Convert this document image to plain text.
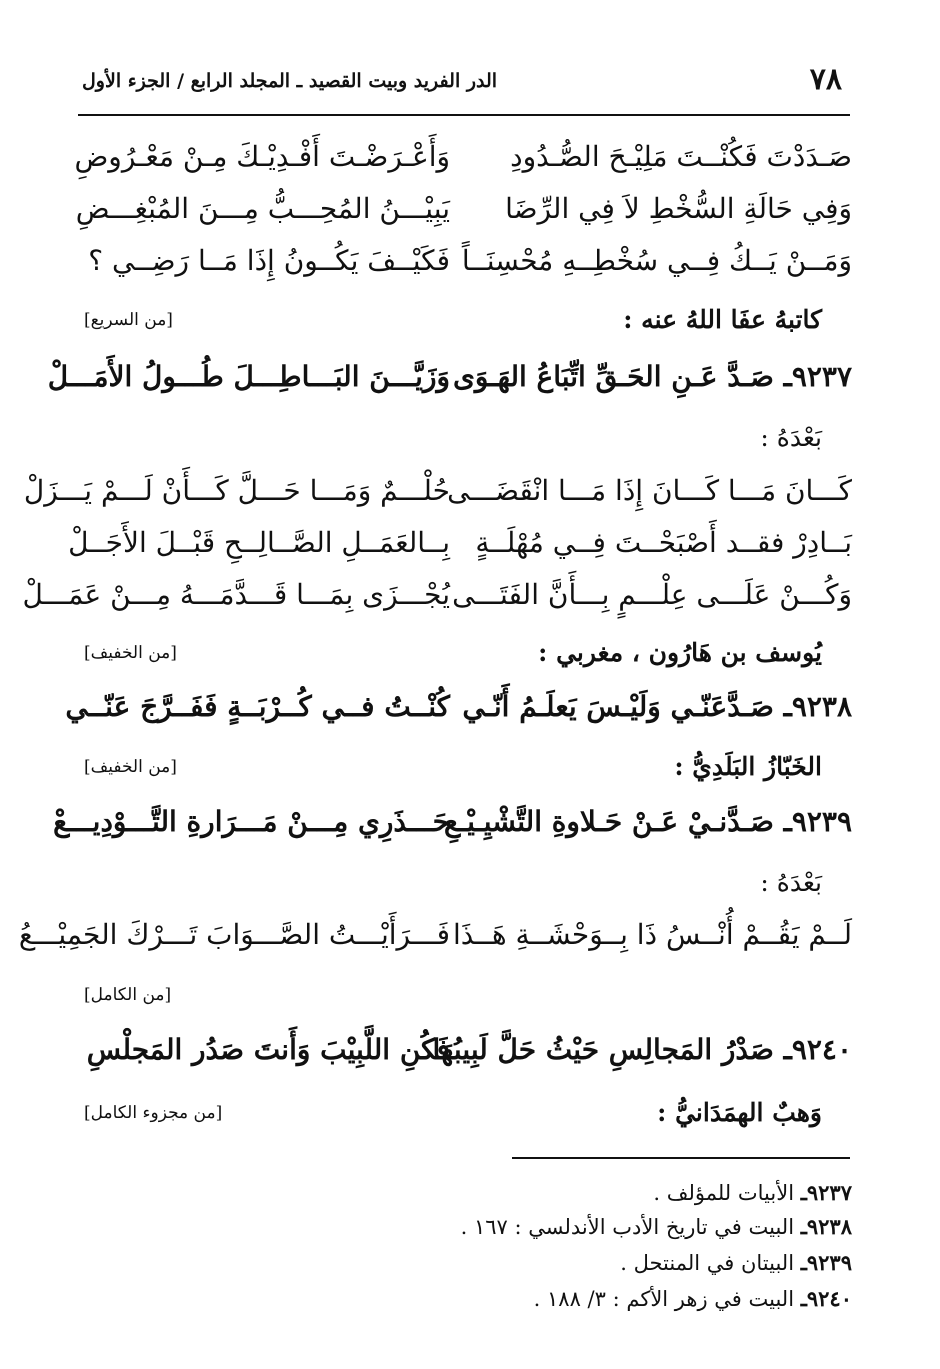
٧٨
الدر الفريد وبيت القصيد ـ المجلد الرابع / الجزء الأول
صَـدَدْتَ فَكُنْــتَ مَلِيْـحَ الصُّـدُودِ
وَأَعْـرَضْـتَ أَفْـدِيْـكَ مِـنْ مَعْـرُوضِ
وَفِي حَالَةِ السُّخْطِ لاَ فِي الرِّضَا
يَبِيْـــنُ المُحِـــبُّ مِـــنَ المُبْغِـــضِ
وَمَــنْ يَــكُ فِــي سُخْطِــهِ مُحْسِنَــاً
فَكَيْــفَ يَكُــونُ إِذَا مَــا رَضِــي ؟
كاتبهُ عفَا اللهُ عنه :
[من السريع]
٩٢٣٧ـ صَـدَّ عَـنِ الحَـقِّ اتِّبَاعُ الهَـوَى
وَزَيَّـــنَ البَـــاطِـــلَ طُـــولُ الأَمَـــلْ
بَعْدَهُ :
كَـــانَ مَـــا كَـــانَ إِذَا مَـــا انْقَضَـــى
حُلْـــمٌ وَمَـــا حَـــلَّ كَـــأَنْ لَـــمْ يَـــزَلْ
بَــادِرْ فقــد أَصْبَحْــتَ فِــي مُهْلَــةٍ
بِــالعَمَــلِ الصَّــالِــحِ قَبْــلَ الأَجَــلْ
وَكُـــنْ عَلَـــى عِلْـــمٍ بِـــأَنَّ الفَتَـــى
يُجْـــزَى بِمَـــا قَـــدَّمَـــهُ مِـــنْ عَمَـــلْ
يُوسف بن هَارُون ، مغربي :
[من الخفيف]
٩٢٣٨ـ صَـدَّعَنّـي وَلَيْـسَ يَعلَـمُ أَنّـي
كُنْــتُ فــي كُــرْبَــةٍ فَفَــرَّجَ عَنّــي
الخَبّازُ البَلَدِيُّ :
[من الخفيف]
٩٢٣٩ـ صَـدَّنـيْ عَـنْ حَـلاوةِ التَّشْيِـيْـعِ
حَـــذَرِي مِـــنْ مَـــرَارةِ التَّـــوْدِيـــعْ
بَعْدَهُ :
لَــمْ يَقُــمْ أُنْــسُ ذَا بِــوَحْشَــةِ هَــذَا
فَـــرَأَيْـــتُ الصَّـــوَابَ تَـــرْكَ الجَمِيْـــعُ
[من الكامل]
٩٢٤٠ـ صَدْرُ المَجالِسِ حَيْثُ حَلَّ لَبِيبُهَا
فَكُنِ اللَّبِيْبَ وَأَنتَ صَدُر المَجلْسِ
وَهبٌ الهمَدَانيُّ :
[من مجزوء الكامل]
٩٢٣٧ـ الأبيات للمؤلف .
٩٢٣٨ـ البيت في تاريخ الأدب الأندلسي : ١٦٧ .
٩٢٣٩ـ البيتان في المنتحل .
٩٢٤٠ـ البيت في زهر الأكم : ٣/ ١٨٨ .
